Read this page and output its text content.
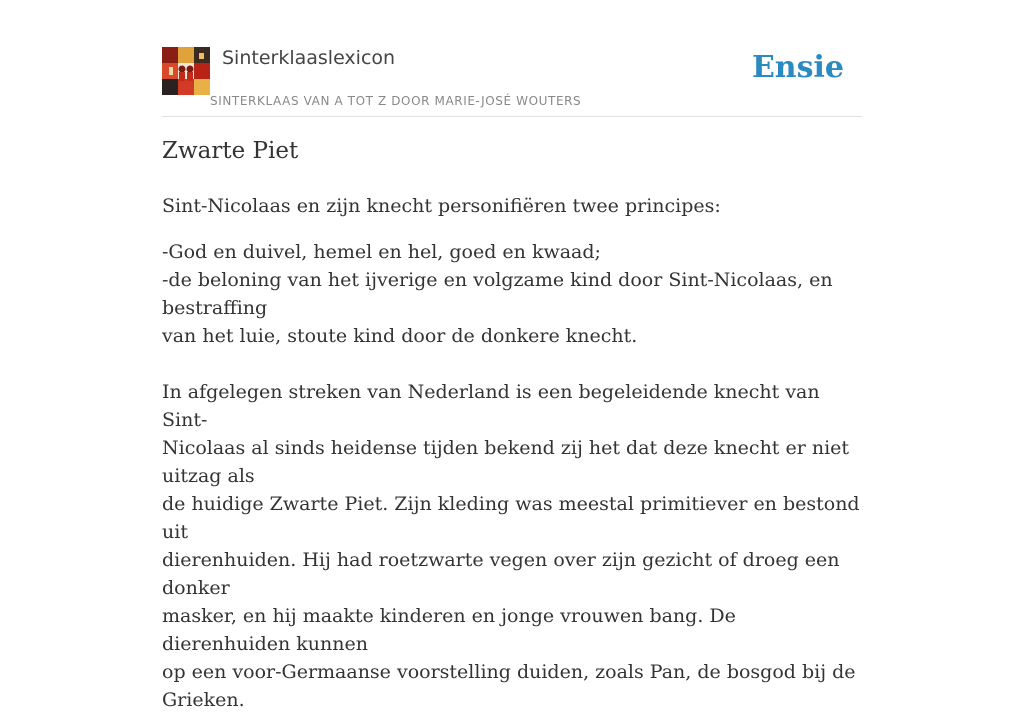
Sinterklaaslexicon
SINTERKLAAS VAN A TOT Z DOOR MARIE-JOSÉ WOUTERS
Ensie
Zwarte Piet

Sint-Nicolaas en zijn knecht personifiëren twee principes:

-God en duivel, hemel en hel, goed en kwaad;

-de beloning van het ijverige en volgzame kind door Sint-Nicolaas, en bestraffing

van het luie, stoute kind door de donkere knecht.

In afgelegen streken van Nederland is een begeleidende knecht van Sint-

Nicolaas al sinds heidense tijden bekend zij het dat deze knecht er niet uitzag als

de huidige Zwarte Piet. Zijn kleding was meestal primitiever en bestond uit

dierenhuiden. Hij had roetzwarte vegen over zijn gezicht of droeg een donker

masker, en hij maakte kinderen en jonge vrouwen bang. De dierenhuiden kunnen

op een voor-Germaanse voorstelling duiden, zoals Pan, de bosgod bij de Grieken.
